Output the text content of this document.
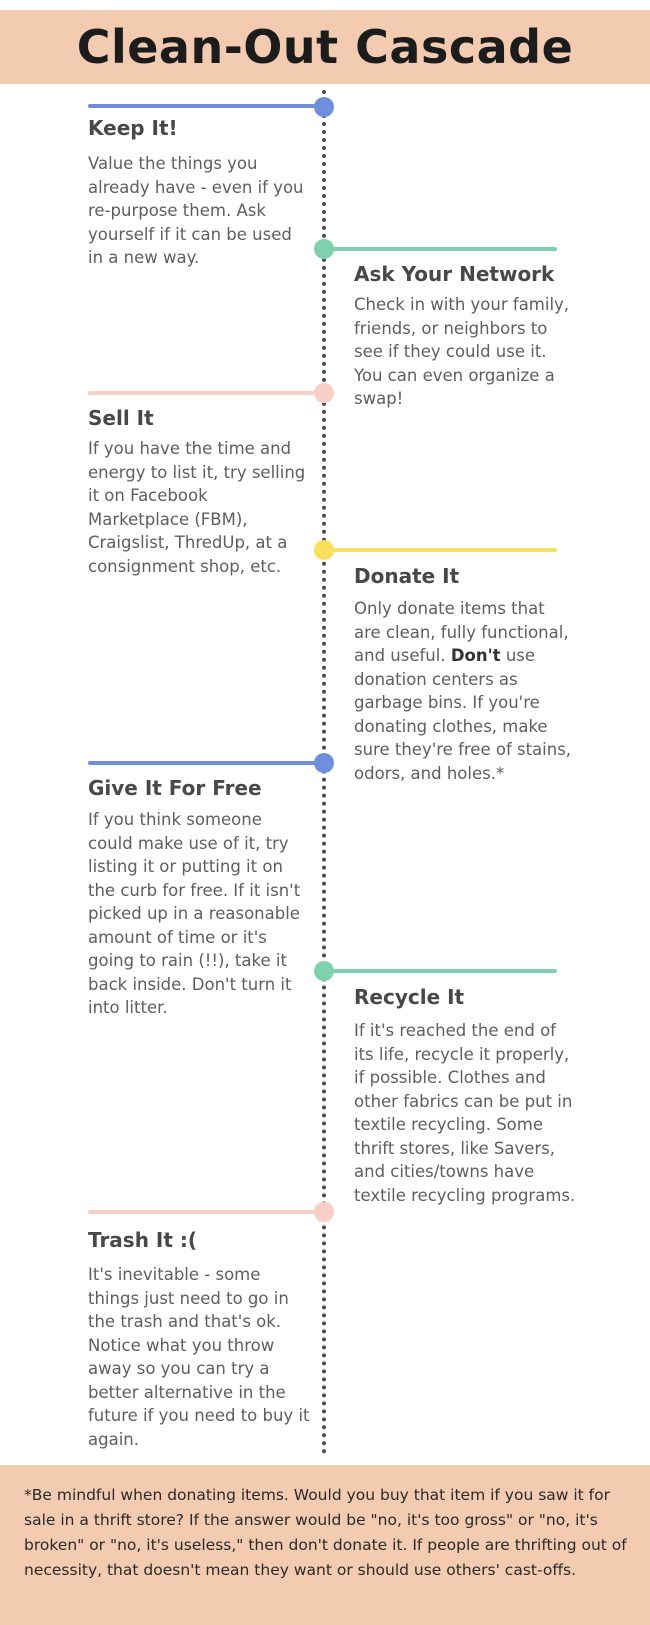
Clean-Out Cascade
Keep It!
Value the things you already have - even if you re-purpose them. Ask yourself if it can be used in a new way.
Ask Your Network
Check in with your family, friends, or neighbors to see if they could use it. You can even organize a swap!
Sell It
If you have the time and energy to list it, try selling it on Facebook Marketplace (FBM), Craigslist, ThredUp, at a consignment shop, etc.	Donate It
Only donate items that are clean, fully functional, and useful. Don't use donation centers as garbage bins. If you're donating clothes, make sure they're free of stains, odors, and holes.*
Give It For Free
If you think someone could make use of it, try listing it or putting it on the curb for free. If it isn't picked up in a reasonable amount of time or it's going to rain (!!), take it back inside. Don't turn it into litter.	Recycle It
If it's reached the end of its life, recycle it properly, if possible. Clothes and other fabrics can be put in textile recycling. Some thrift stores, like Savers, and cities/towns have textile recycling programs.
Trash It :(
It's inevitable - some things just need to go in the trash and that's ok. Notice what you throw away so you can try a better alternative in the future if you need to buy it again.
*Be mindful when donating items. Would you buy that item if you saw it for sale in a thrift store? If the answer would be "no, it's too gross" or "no, it's broken" or "no, it's useless," then don't donate it. If people are thrifting out of necessity, that doesn't mean they want or should use others' cast-offs.
